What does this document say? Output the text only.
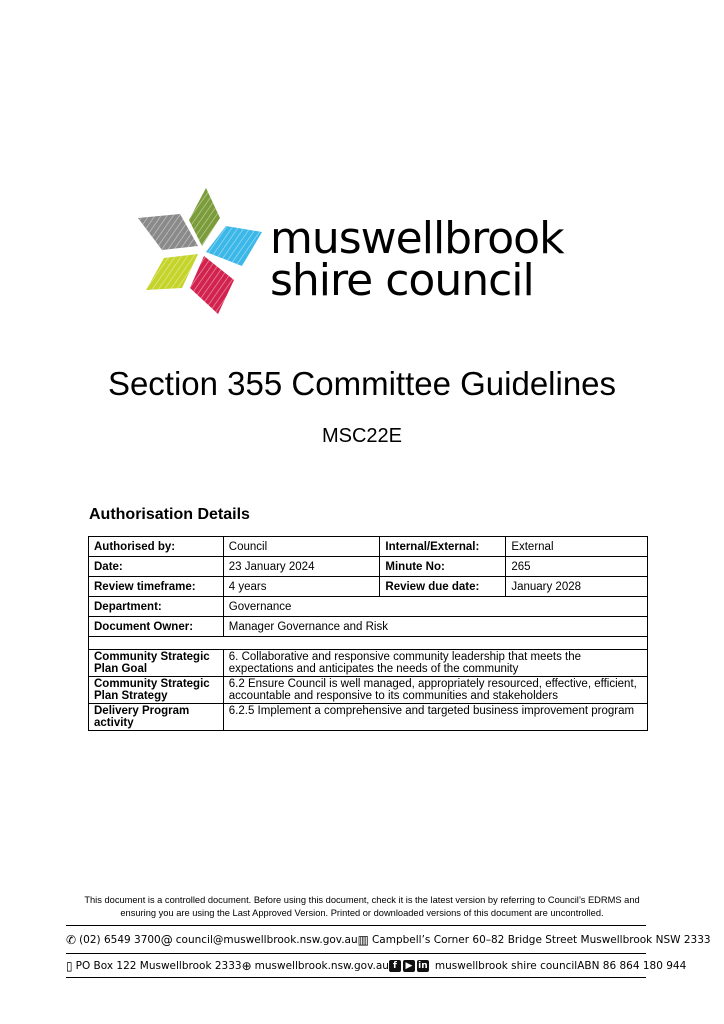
muswellbrook
shire council
Section 355 Committee Guidelines
MSC22E
Authorisation Details
Authorised by:	Council	Internal/External:	External
Date:	23 January 2024	Minute No:	265
Review timeframe:	4 years	Review due date:	January 2028
Department:	Governance		
Document Owner:	Manager Governance and Risk		

Community Strategic Plan Goal	6. Collaborative and responsive community leadership that meets the expectations and anticipates the needs of the community		
Community Strategic Plan Strategy	6.2 Ensure Council is well managed, appropriately resourced, effective, efficient, accountable and responsive to its communities and stakeholders		
Delivery Program activity	6.2.5 Implement a comprehensive and targeted business improvement program		
This document is a controlled document. Before using this document, check it is the latest version by referring to Council’s EDRMS and ensuring you are using the Last Approved Version. Printed or downloaded versions of this document are uncontrolled.
✆ (02) 6549 3700 @ council@muswellbrook.nsw.gov.au ▥ Campbell’s Corner 60–82 Bridge Street Muswellbrook NSW 2333
▯ PO Box 122 Muswellbrook 2333 ⊕ muswellbrook.nsw.gov.au f ▶ in muswellbrook shire council ABN 86 864 180 944
